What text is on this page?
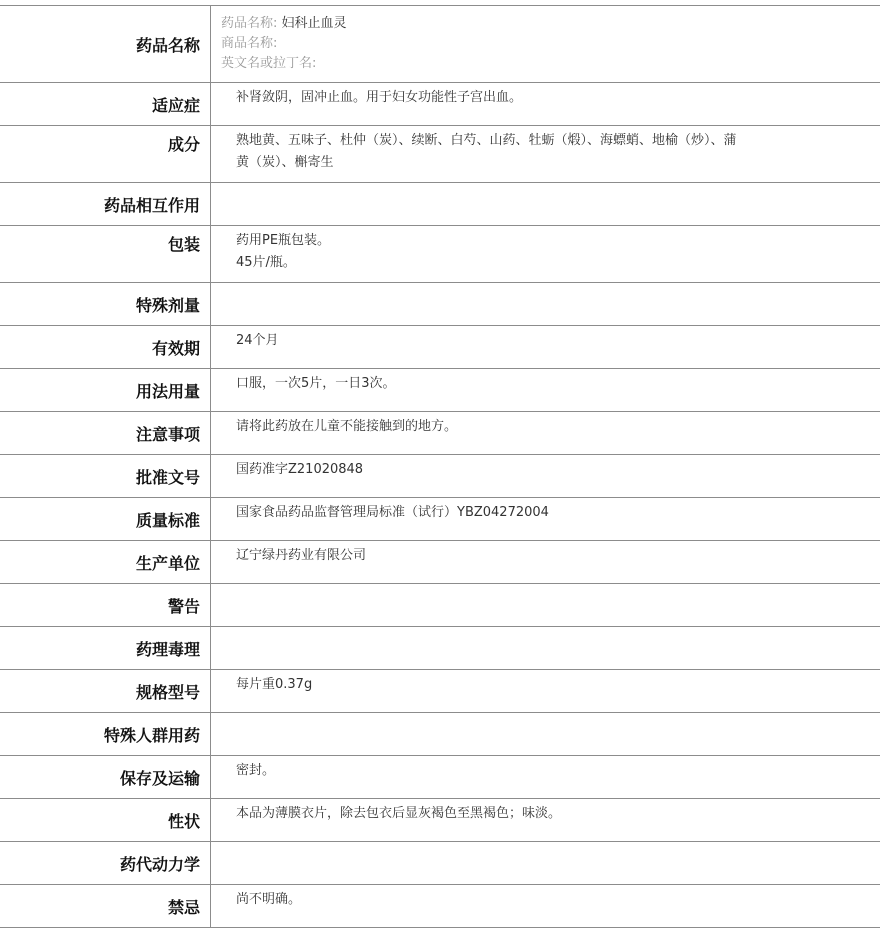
药品名称	药品名称: 妇科止血灵
商品名称:
英文名或拉丁名:

适应症	补肾敛阴，固冲止血。用于妇女功能性子宫出血。
成分	熟地黄、五味子、杜仲（炭）、续断、白芍、山药、牡蛎（煅）、海螵蛸、地榆（炒）、蒲
黄（炭）、槲寄生

药品相互作用	
包装	药用PE瓶包装。
45片/瓶。

特殊剂量	
有效期	24个月
用法用量	口服，一次5片，一日3次。
注意事项	请将此药放在儿童不能接触到的地方。
批准文号	国药准字Z21020848
质量标准	国家食品药品监督管理局标准（试行）YBZ04272004
生产单位	辽宁绿丹药业有限公司
警告	
药理毒理	
规格型号	每片重0.37g
特殊人群用药	
保存及运输	密封。
性状	本品为薄膜衣片，除去包衣后显灰褐色至黑褐色；味淡。
药代动力学	
禁忌	尚不明确。
